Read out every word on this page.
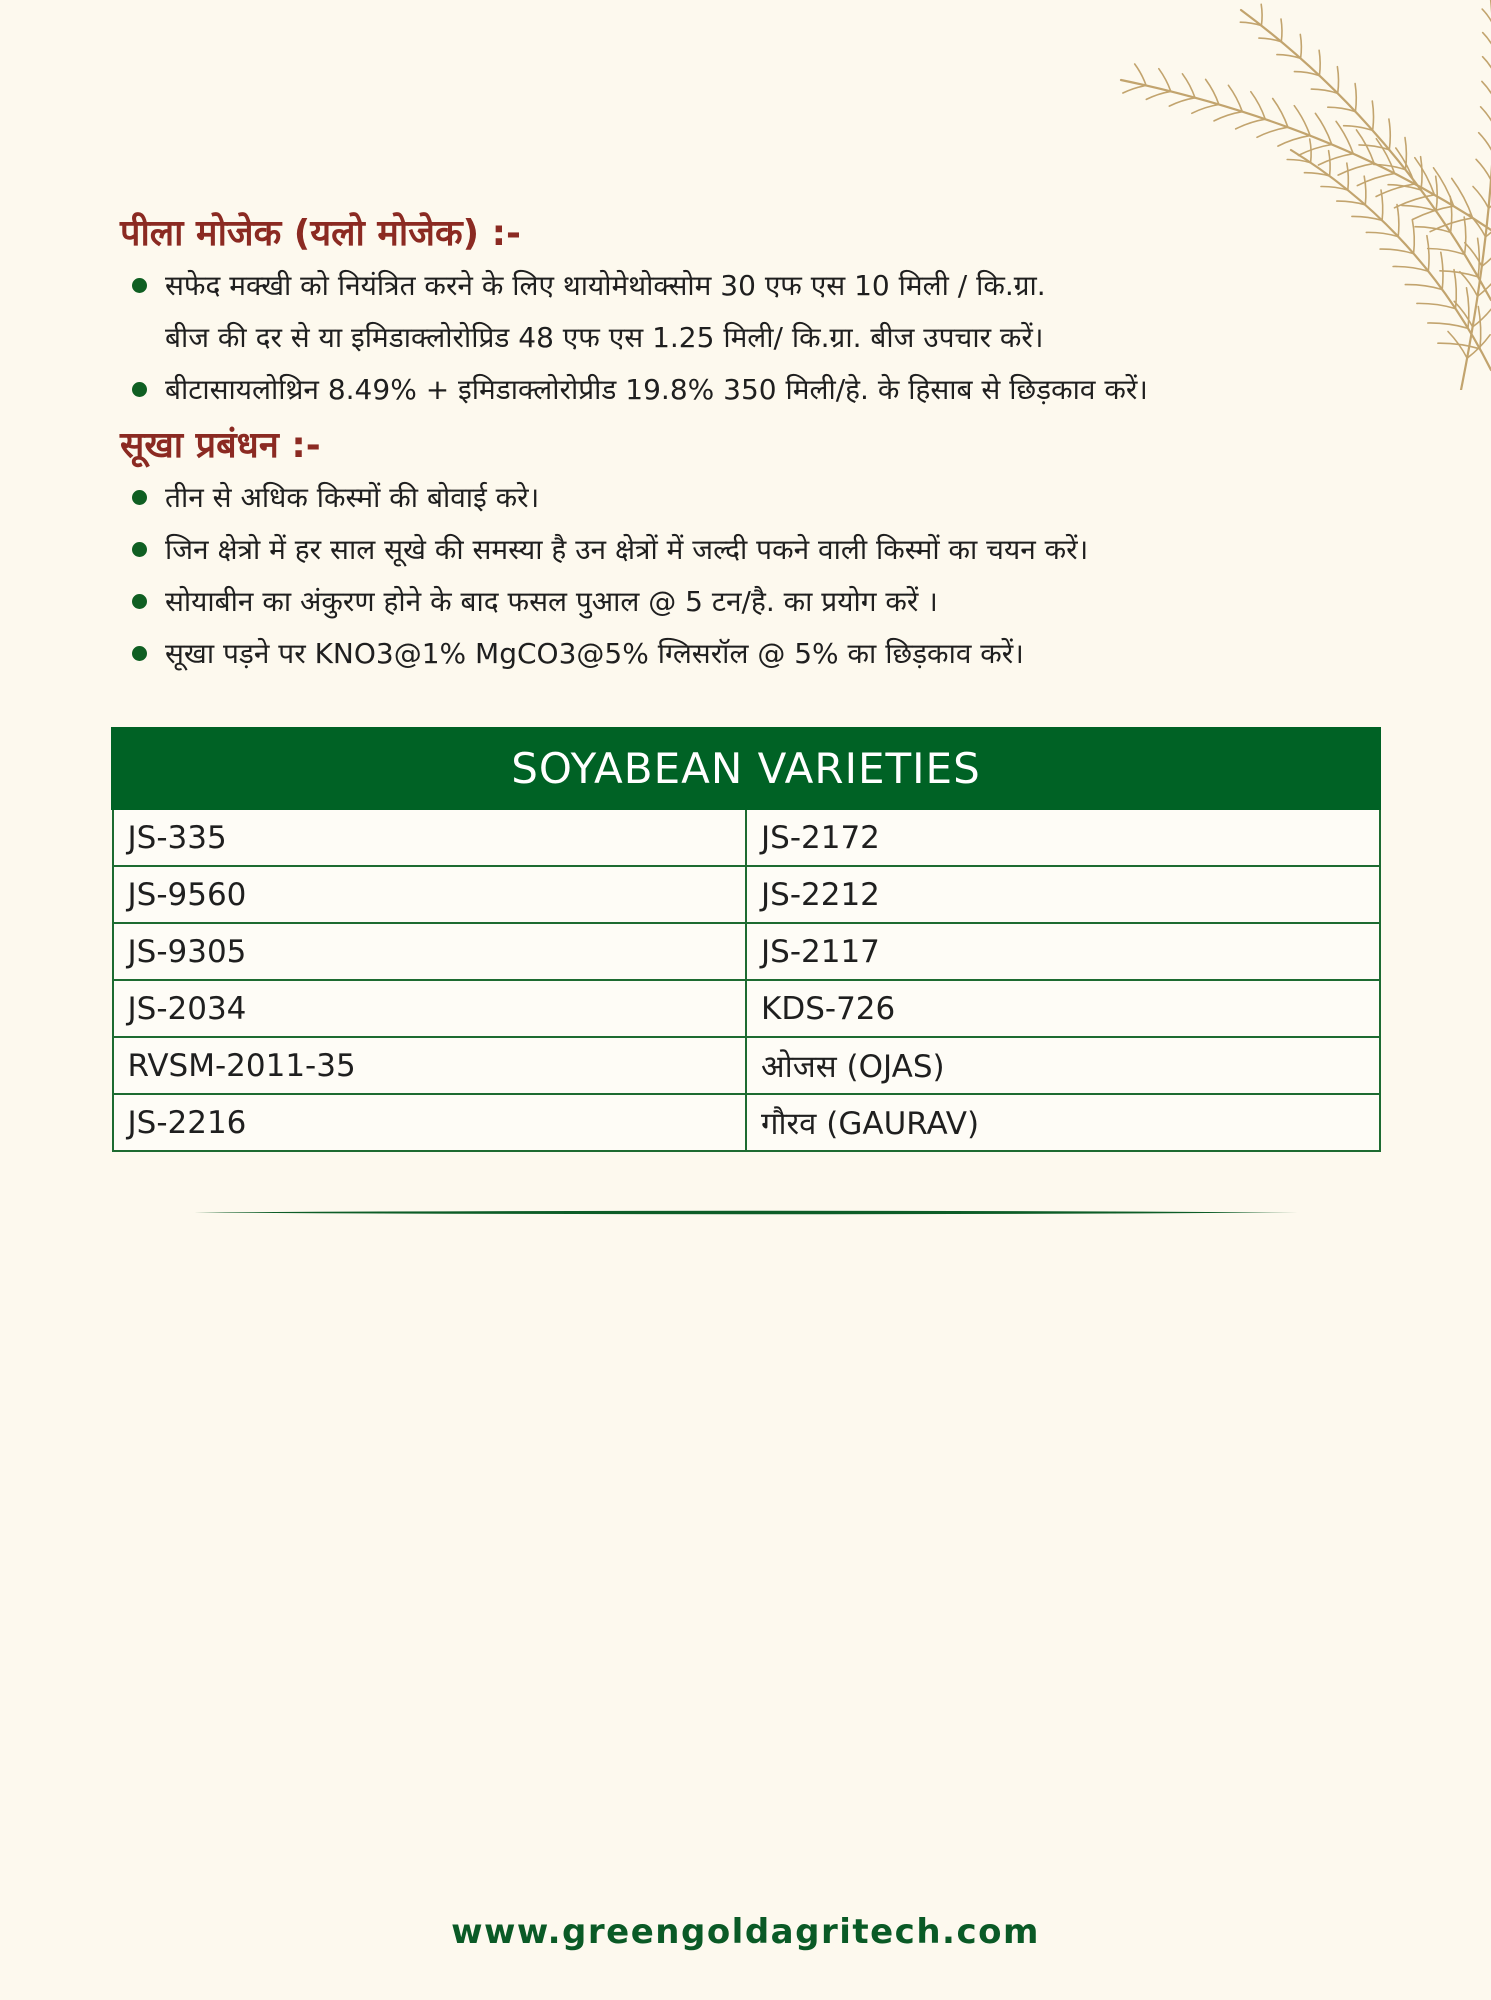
पीला मोजेक (यलो मोजेक) :-
सफेद मक्खी को नियंत्रित करने के लिए थायोमेथोक्सोम 30 एफ एस 10 मिली / कि.ग्रा.
बीज की दर से या इमिडाक्लोरोप्रिड 48 एफ एस 1.25 मिली/ कि.ग्रा. बीज उपचार करें।
बीटासायलोथ्रिन 8.49% + इमिडाक्लोरोप्रीड 19.8% 350 मिली/हे. के हिसाब से छिड़काव करें।
सूखा प्रबंधन :-
तीन से अधिक किस्मों की बोवाई करे।
जिन क्षेत्रो में हर साल सूखे की समस्या है उन क्षेत्रों में जल्दी पकने वाली किस्मों का चयन करें।
सोयाबीन का अंकुरण होने के बाद फसल पुआल @ 5 टन/है. का प्रयोग करें ।
सूखा पड़ने पर KNO3@1% MgCO3@5% ग्लिसरॉल @ 5% का छिड़काव करें।
SOYABEAN VARIETIES	
JS-335	JS-2172
JS-9560	JS-2212
JS-9305	JS-2117
JS-2034	KDS-726
RVSM-2011-35	ओजस (OJAS)
JS-2216	गौरव (GAURAV)
www.greengoldagritech.com
